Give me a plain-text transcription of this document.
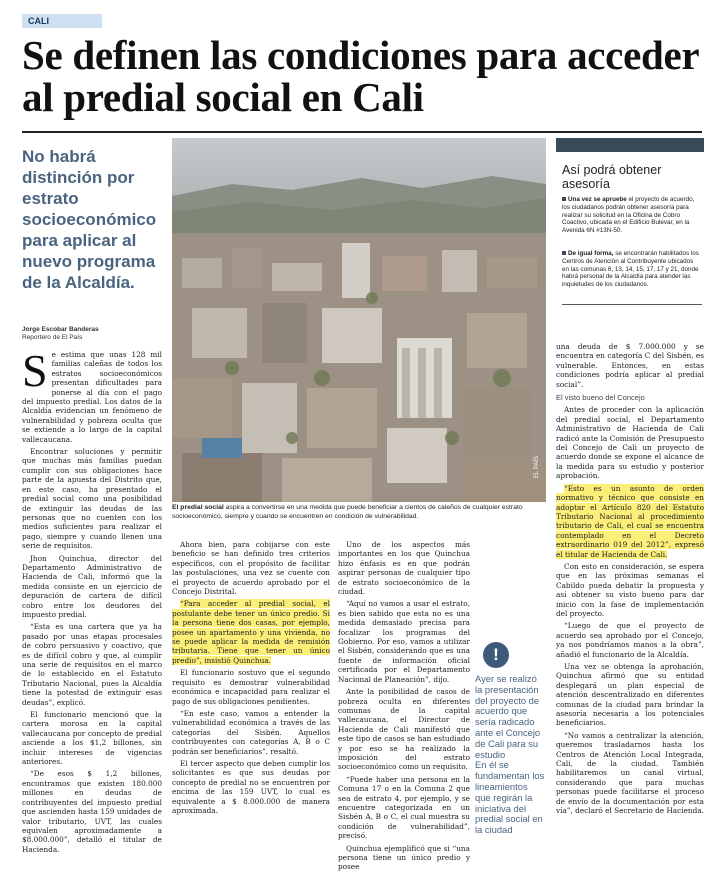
CALI
Se definen las condiciones para acceder al predial social en Cali
No habrá distinción por estrato socioeconómico para aplicar al nuevo programa de la Alcaldía.
Jorge Escobar Banderas
Reportero de El País
EL PAÍS
El predial social aspira a convertirse en una medida que puede beneficiar a cientos de caleños de cualquier estrato socioeconómico, siempre y cuando se encuentren en condición de vulnerabilidad.
Así podrá obtener asesoría
Una vez se apruebe el proyecto de acuerdo, los ciudadanos podrán obtener asesoría para realizar su solicitud en la Oficina de Cobro Coactivo, ubicada en el Edificio Bulevar, en la Avenida 6N #13N-50.
De igual forma, se encontrarán habilitados los Centros de Atención al Contribuyente ubicados en las comunas 6, 13, 14, 15, 17, 17 y 21, donde habrá personal de la Alcaldía para atender las inquietudes de los ciudadanos.

Se estima que unas 128 mil familias caleñas de todos los estratos socioeconómicos presentan dificultades para ponerse al día con el pago del impuesto predial. Los datos de la Alcaldía evidencian un fenómeno de vulnerabilidad y pobreza oculta que se extiende a lo largo de la capital vallecaucana.

Encontrar soluciones y permitir que muchas más familias puedan cumplir con sus obligaciones hace parte de la apuesta del Distrito que, en este caso, ha presentado el predial social como una posibilidad de extinguir las deudas de las personas que no cuenten con los medios suficientes para realizar el pago, siempre y cuando llenen una serie de requisitos.

Jhon Quinchua, director del Departamento Administrativo de Hacienda de Cali, informó que la medida consiste en un ejercicio de depuración de cartera de difícil cobro entre los deudores del impuesto predial.

“Esta es una cartera que ya ha pasado por unas etapas procesales de cobro persuasivo y coactivo, que es de difícil cobro y que, al cumplir una serie de requisitos en el marco de lo establecido en el Estatuto Tributario Nacional, pues la Alcaldía tiene la potestad de extinguir esas deudas”, explicó.

El funcionario mencionó que la cartera morosa en la capital vallecaucana por concepto de predial asciende a los $1,2 billones, sin incluir intereses de vigencias anteriores.

“De esos $ 1,2 billones, encontramos que existen 180.000 millones en deudas de contribuyentes del impuesto predial que ascienden hasta 159 unidades de valor tributario, UVT, las cuales equivalen aproximadamente a $8.000.000”, detalló el titular de Hacienda.

Ahora bien, para cobijarse con este beneficio se han definido tres criterios específicos, con el propósito de facilitar las postulaciones, una vez se cuente con el proyecto de acuerdo aprobado por el Concejo Distrital.

“Para acceder al predial social, el postulante debe tener un único predio. Si la persona tiene dos casas, por ejemplo, posee un apartamento y una vivienda, no se puede aplicar la medida de remisión tributaria. Tiene que tener un único predio”, insistió Quinchua.

El funcionario sostuvo que el segundo requisito es demostrar vulnerabilidad económica e incapacidad para realizar el pago de sus obligaciones pendientes.

“En este caso, vamos a entender la vulnerabilidad económica a través de las categorías del Sisbén. Aquellos contribuyentes con categorías A, B o C podrán ser beneficiarios”, resaltó.

El tercer aspecto que deben cumplir los solicitantes es que sus deudas por concepto de predial no se encuentren por encima de las 159 UVT, lo cual es equivalente a $ 8.000.000 de manera aproximada.

Uno de los aspectos más importantes en los que Quinchua hizo énfasis es en que podrán aspirar personas de cualquier tipo de estrato socioeconómico de la ciudad.

“Aquí no vamos a usar el estrato, es bien sabido que esta no es una medida demasiado precisa para focalizar los programas del Gobierno. Por eso, vamos a utilizar el Sisbén, considerando que es una fuente de información oficial certificada por el Departamento Nacional de Planeación”, dijo.

Ante la posibilidad de casos de pobreza oculta en diferentes comunas de la capital vallecaucana, el Director de Hacienda de Cali manifestó que este tipo de casos se han estudiado y por eso se ha realizado la imposición del estrato socioeconómico como un requisito.

“Puede haber una persona en la Comuna 17 o en la Comuna 2 que sea de estrato 4, por ejemplo, y se encuentre categorizada en un Sisbén A, B o C, el cual muestra su condición de vulnerabilidad”, precisó.

Quinchua ejemplificó que si “una persona tiene un único predio y posee

!
Ayer se realizó la presentación del proyecto de acuerdo que sería radicado ante el Concejo de Cali para su estudio
En él se fundamentan los lineamientos que regirán la iniciativa del predial social en la ciudad

una deuda de $ 7.000.000 y se encuentra en categoría C del Sisbén, es vulnerable. Entonces, en estas condiciones podría aplicar al predial social”.

El visto bueno del Concejo

Antes de proceder con la aplicación del predial social, el Departamento Administrativo de Hacienda de Cali radicó ante la Comisión de Presupuesto del Concejo de Cali un proyecto de acuerdo donde se expone el alcance de la medida para su estudio y posterior aprobación.

“Esto es un asunto de orden normativo y técnico que consiste en adoptar el Artículo 820 del Estatuto Tributario Nacional al procedimiento tributario de Cali, el cual se encuentra contemplado en el Decreto extraordinario 019 del 2012”, expresó el titular de Hacienda de Cali.

Con esto en consideración, se espera que en las próximas semanas el Cabildo pueda debatir la propuesta y así obtener su visto bueno para dar inicio con la fase de implementación del proyecto.

“Luego de que el proyecto de acuerdo sea aprobado por el Concejo, ya nos pondríamos manos a la obra”, añadió el funcionario de la Alcaldía.

Una vez se obtenga la aprobación, Quinchua afirmó que su entidad desplegará un plan especial de atención descentralizado en diferentes comunas de la ciudad para brindar la asesoría necesaria a los potenciales beneficiarios.

“No vamos a centralizar la atención, queremos trasladarnos hasta los Centros de Atención Local Integrada, Cali, de la ciudad. También habilitaremos un canal virtual, considerando que para muchas personas puede facilitarse el proceso de envío de la documentación por esta vía”, declaró el Secretario de Hacienda.
